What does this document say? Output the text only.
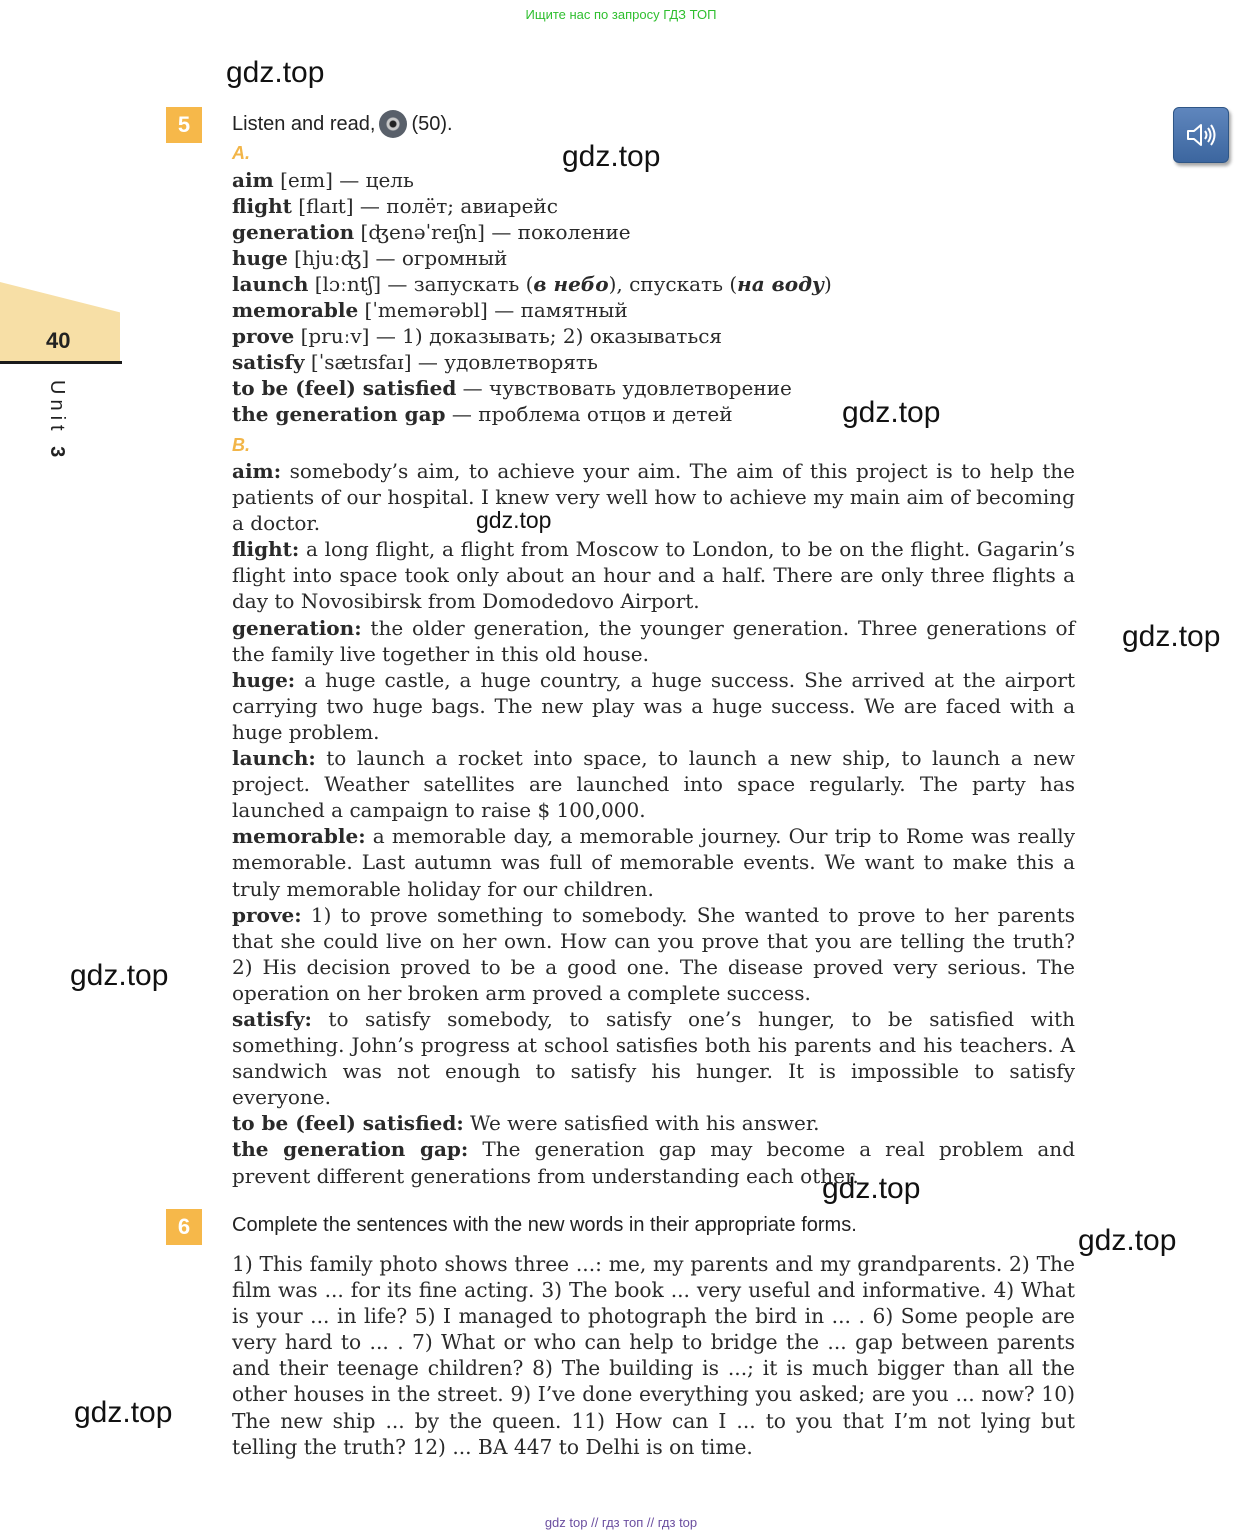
Ищите нас по запросу ГДЗ ТОП
gdz.top
gdz.top
gdz.top
gdz.top
gdz.top
gdz.top
gdz.top
gdz.top
gdz.top
40
Unit 3
5	Listen and read, (50).
A.
aim [eɪm] — цель
flight [flaɪt] — полёт; авиарейс
generation [ʤenəˈreɪʃn] — поколение
huge [hjuːʤ] — огромный
launch [lɔːntʃ] — запускать (в небо), спускать (на воду)
memorable [ˈmemərəbl] — памятный
prove [pruːv] — 1) доказывать; 2) оказываться
satisfy [ˈsætɪsfaɪ] — удовлетворять
to be (feel) satisfied — чувствовать удовлетворение
the generation gap — проблема отцов и детей
B.
aim: somebody’s aim, to achieve your aim. The aim of this project is to help the patients of our hospital. I knew very well how to achieve my main aim of becoming a doctor.
flight: a long flight, a flight from Moscow to London, to be on the flight. Gagarin’s flight into space took only about an hour and a half. There are only three flights a day to Novosibirsk from Domodedovo Airport.
generation: the older generation, the younger generation. Three generations of the family live together in this old house.
huge: a huge castle, a huge country, a huge success. She arrived at the airport carrying two huge bags. The new play was a huge success. We are faced with a huge problem.
launch: to launch a rocket into space, to launch a new ship, to launch a new project. Weather satellites are launched into space regularly. The party has launched a campaign to raise $ 100,000.
memorable: a memorable day, a memorable journey. Our trip to Rome was really memorable. Last autumn was full of memorable events. We want to make this a truly memorable holiday for our children.
prove: 1) to prove something to somebody. She wanted to prove to her parents that she could live on her own. How can you prove that you are telling the truth? 2) His decision proved to be a good one. The disease proved very serious. The operation on her broken arm proved a complete success.
satisfy: to satisfy somebody, to satisfy one’s hunger, to be satisfied with something. John’s progress at school satisfies both his parents and his teachers. A sandwich was not enough to satisfy his hunger. It is impossible to satisfy everyone.
to be (feel) satisfied: We were satisfied with his answer.
the generation gap: The generation gap may become a real problem and prevent different generations from understanding each other.
6	Complete the sentences with the new words in their appropriate forms.
1) This family photo shows three ...: me, my parents and my grandparents. 2) The film was ... for its fine acting. 3) The book ... very useful and informative. 4) What is your ... in life? 5) I managed to photograph the bird in ... . 6) Some people are very hard to ... . 7) What or who can help to bridge the ... gap between parents and their teenage children? 8) The building is ...; it is much bigger than all the other houses in the street. 9) I’ve done everything you asked; are you ... now? 10) The new ship ... by the queen. 11) How can I ... to you that I’m not lying but telling the truth? 12) ... BA 447 to Delhi is on time.
gdz top // гдз топ // гдз top
